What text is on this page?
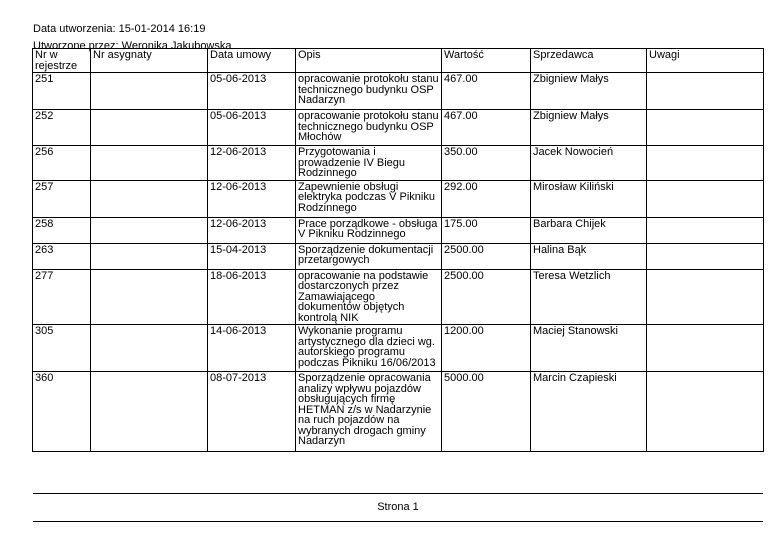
Data utworzenia: 15-01-2014 16:19
Utworzone przez: Weronika Jakubowska
Nr w rejestrze	Nr asygnaty	Data umowy	Opis	Wartość	Sprzedawca	Uwagi
251		05-06-2013	opracowanie protokołu stanu technicznego budynku OSP Nadarzyn	467.00	Zbigniew Małys	
252		05-06-2013	opracowanie protokołu stanu technicznego budynku OSP Młochów	467.00	Zbigniew Małys	
256		12-06-2013	Przygotowania i prowadzenie IV Biegu Rodzinnego	350.00	Jacek Nowocień	
257		12-06-2013	Zapewnienie obsługi elektryka podczas V Pikniku Rodzinnego	292.00	Mirosław Kiliński	
258		12-06-2013	Prace porządkowe - obsługa V Pikniku Rodzinnego	175.00	Barbara Chijek	
263		15-04-2013	Sporządzenie dokumentacji przetargowych	2500.00	Halina Bąk	
277		18-06-2013	opracowanie na podstawie dostarczonych przez Zamawiającego dokumentów objętych kontrolą NIK	2500.00	Teresa Wetzlich	
305		14-06-2013	Wykonanie programu artystycznego dla dzieci wg. autorskiego programu podczas Pikniku 16/06/2013	1200.00	Maciej Stanowski	
360		08-07-2013	Sporządzenie opracowania analizy wpływu pojazdów obsługujących firmę HETMAN z/s w Nadarzynie na ruch pojazdów na wybranych drogach gminy Nadarzyn	5000.00	Marcin Czapieski	
Strona 1
